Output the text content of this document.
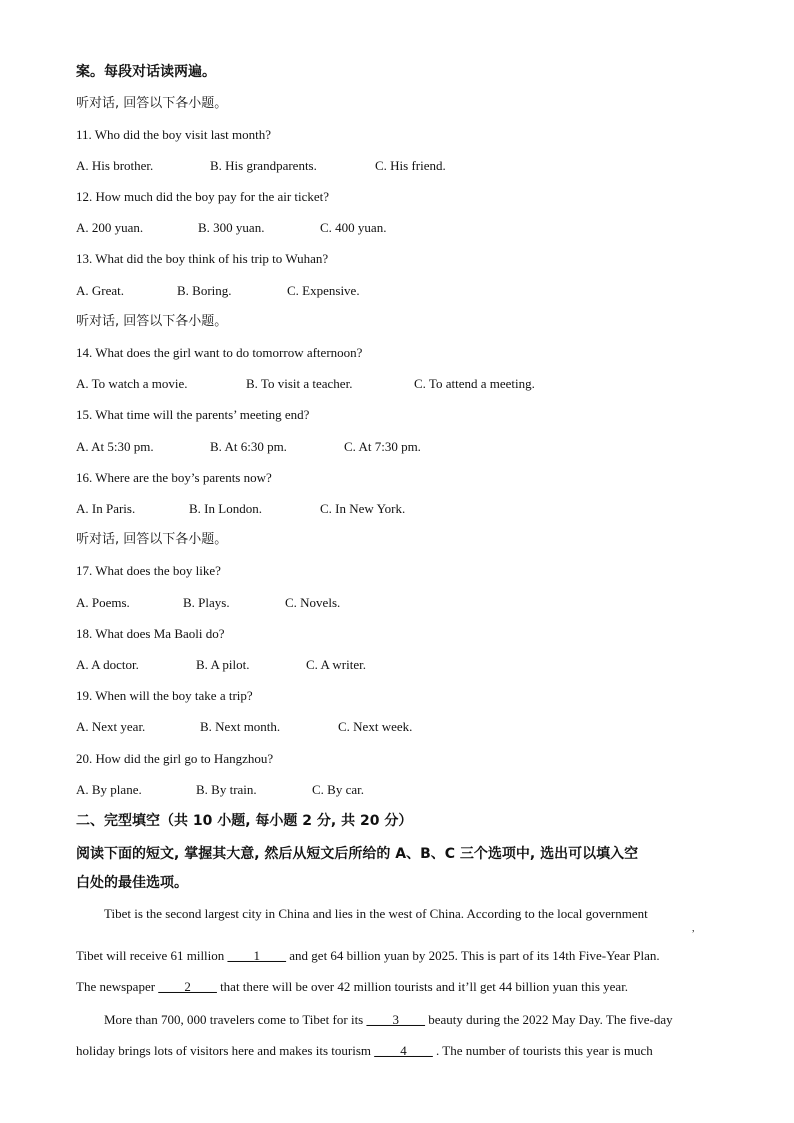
案。每段对话读两遍。
听对话, 回答以下各小题。
11. Who did the boy visit last month?
A. His brother.	B. His grandparents.	C. His friend.
12. How much did the boy pay for the air ticket?
A. 200 yuan.	B. 300 yuan.	C. 400 yuan.
13. What did the boy think of his trip to Wuhan?
A. Great.	B. Boring.	C. Expensive.
听对话, 回答以下各小题。
14. What does the girl want to do tomorrow afternoon?
A. To watch a movie.	B. To visit a teacher.	C. To attend a meeting.
15. What time will the parents’ meeting end?
A. At 5:30 pm.	B. At 6:30 pm.	C. At 7:30 pm.
16. Where are the boy’s parents now?
A. In Paris.	B. In London.	C. In New York.
听对话, 回答以下各小题。
17. What does the boy like?
A. Poems.	B. Plays.	C. Novels.
18. What does Ma Baoli do?
A. A doctor.	B. A pilot.	C. A writer.
19. When will the boy take a trip?
A. Next year.	B. Next month.	C. Next week.
20. How did the girl go to Hangzhou?
A. By plane.	B. By train.	C. By car.
二、完型填空（共 10 小题, 每小题 2 分, 共 20 分）
阅读下面的短文, 掌握其大意, 然后从短文后所给的 A、B、C 三个选项中, 选出可以填入空
白处的最佳选项。
Tibet is the second largest city in China and lies in the west of China. According to the local government
,
Tibet will receive 61 million ____1____ and get 64 billion yuan by 2025. This is part of its 14th Five-Year Plan.
The newspaper ____2____ that there will be over 42 million tourists and it’ll get 44 billion yuan this year.
More than 700, 000 travelers come to Tibet for its ____3____ beauty during the 2022 May Day. The five-day
holiday brings lots of visitors here and makes its tourism ____4____ . The number of tourists this year is much
